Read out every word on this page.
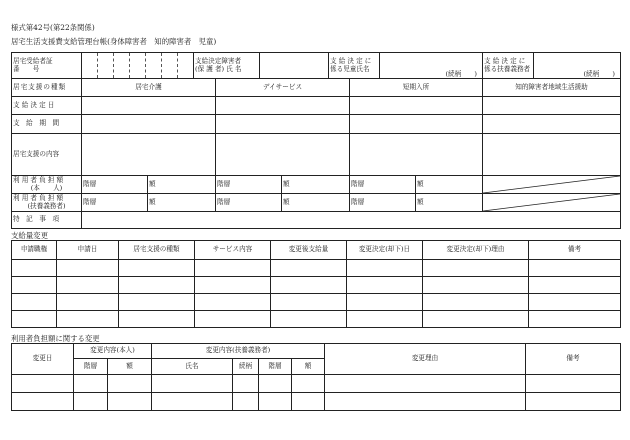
様式第42号(第22条関係)
居宅生活支援費支給管理台帳(身体障害者　知的障害者　児童)
居宅受給者証
番　　号

支給決定障害者
(保 護 者) 氏 名

支 給 決 定 に
係る児童氏名

(続柄　　)

支 給 決 定 に
係る扶養義務者

(続柄　　)
居宅支援の種類	居宅介護		デイサービス		短期入所		知的障害者地域生活援助
支 給 決 定 日							
支　給　期　間							
居宅支援の内容							

利 用 者 負 担 額
(本　　人)	階層	額	階層	額	階層	額	

利 用 者 負 担 額
(扶養義務者)	階層	額	階層	額	階層	額	

特　記　事　項							
支給量変更
申請職権	申請日	居宅支援の種類	サービス内容	変更後支給量	変更決定(却下)日	変更決定(却下)理由	備考

利用者負担額に関する変更
変更日	変更内容(本人)		変更内容(扶養義務者)				変更理由	備考
	階層	額	氏名	続柄	階層	額		
